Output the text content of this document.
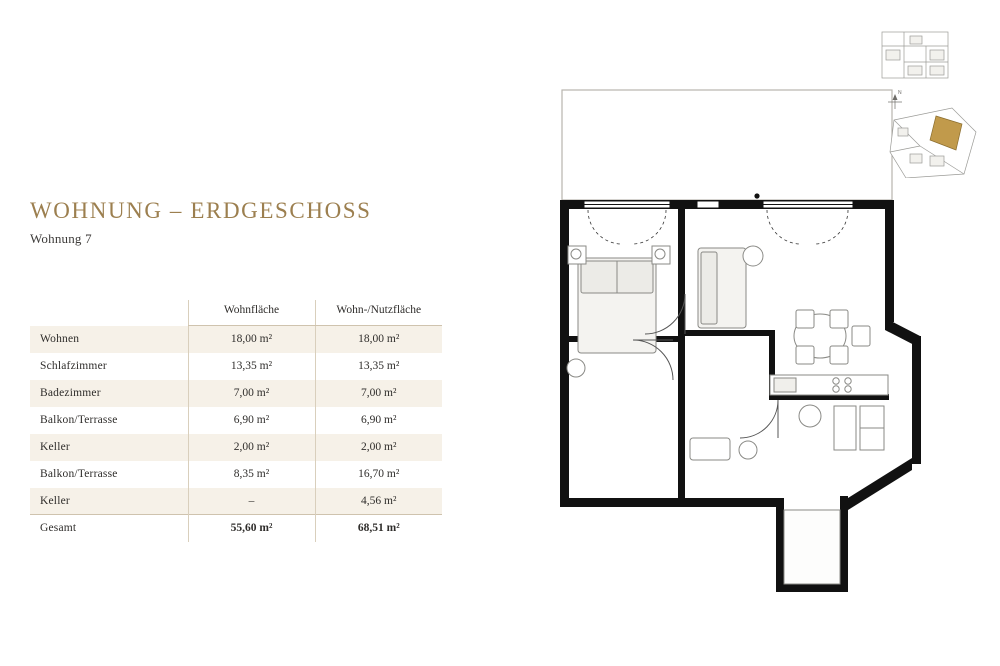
WOHNUNG – ERDGESCHOSS

Wohnung 7

	Wohnfläche	Wohn-/Nutzfläche
Wohnen	18,00 m²	18,00 m²
Schlafzimmer	13,35 m²	13,35 m²
Badezimmer	7,00 m²	7,00 m²
Balkon/Terrasse	6,90 m²	6,90 m²
Keller	2,00 m²	2,00 m²
Balkon/Terrasse	8,35 m²	16,70 m²
Keller	–	4,56 m²
Gesamt	55,60 m²	68,51 m²
N
